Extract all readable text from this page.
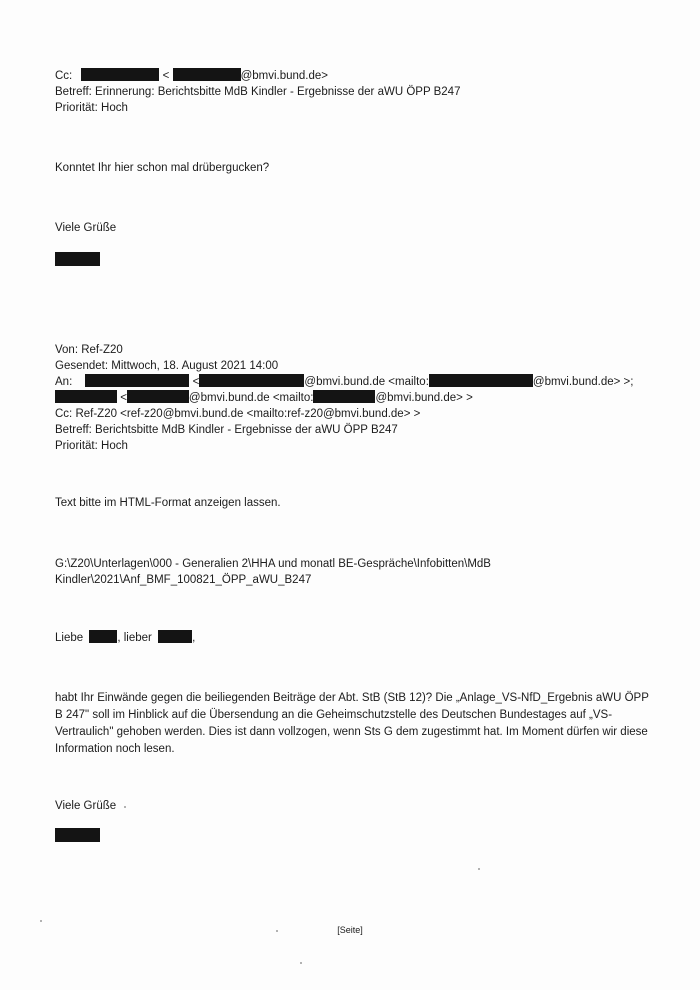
Cc:	<	@bmvi.bund.de>
Betreff: Erinnerung: Berichtsbitte MdB Kindler - Ergebnisse der aWU ÖPP B247
Priorität: Hoch
Konntet Ihr hier schon mal drübergucken?
Viele Grüße
Von: Ref-Z20
Gesendet: Mittwoch, 18. August 2021 14:00
An:	<	@bmvi.bund.de <mailto:	@bmvi.bund.de> >;
<	@bmvi.bund.de <mailto:	@bmvi.bund.de> >
Cc: Ref-Z20 <ref-z20@bmvi.bund.de <mailto:ref-z20@bmvi.bund.de> >
Betreff: Berichtsbitte MdB Kindler - Ergebnisse der aWU ÖPP B247
Priorität: Hoch
Text bitte im HTML-Format anzeigen lassen.
G:\Z20\Unterlagen\000 - Generalien 2\HHA und monatl BE-Gespräche\Infobitten\MdB
Kindler\2021\Anf_BMF_100821_ÖPP_aWU_B247
Liebe	, lieber	,
habt Ihr Einwände gegen die beiliegenden Beiträge der Abt. StB (StB 12)? Die „Anlage_VS-NfD_Ergebnis aWU ÖPP B 247" soll im Hinblick auf die Übersendung an die Geheimschutzstelle des Deutschen Bundestages auf „VS-Vertraulich" gehoben werden. Dies ist dann vollzogen, wenn Sts G dem zugestimmt hat. Im Moment dürfen wir diese Information noch lesen.
Viele Grüße
[Seite]
